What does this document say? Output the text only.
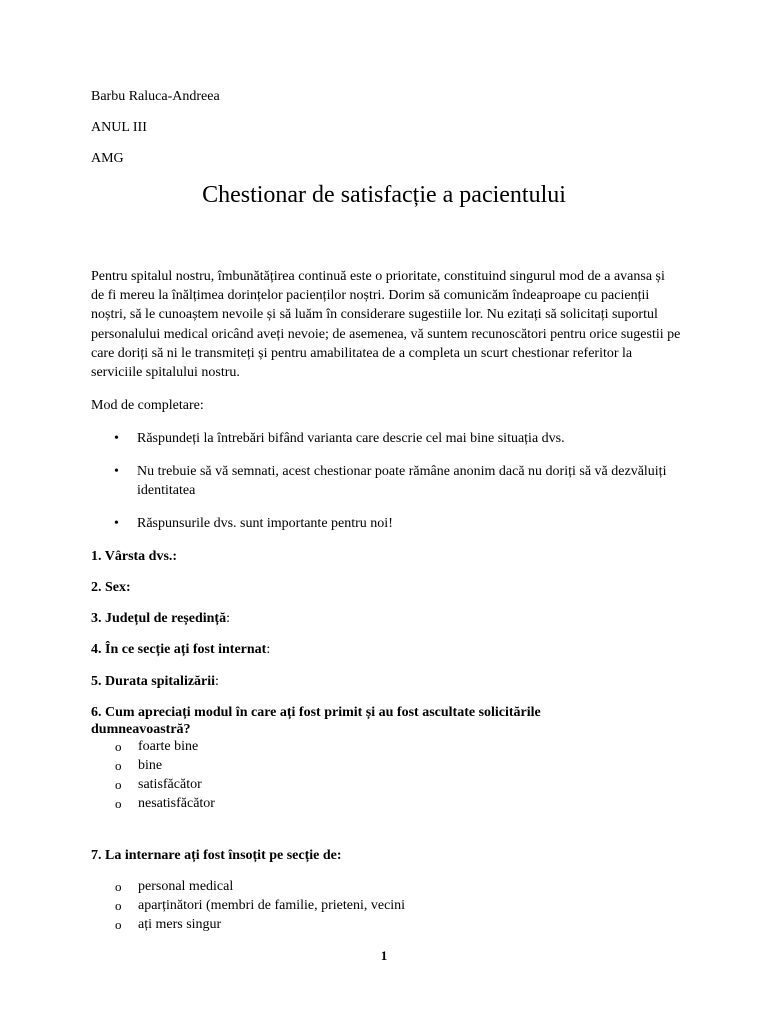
Barbu Raluca-Andreea

ANUL III

AMG

Chestionar de satisfacție a pacientului

Pentru spitalul nostru, îmbunătățirea continuă este o prioritate, constituind singurul mod de a avansa și de fi mereu la înălțimea dorințelor pacienților noștri. Dorim să comunicăm îndeaproape cu pacienții noștri, să le cunoaștem nevoile și să luăm în considerare sugestiile lor. Nu ezitați să solicitați suportul personalului medical oricând aveți nevoie; de asemenea, vă suntem recunoscători pentru orice sugestii pe care doriți să ni le transmiteți și pentru amabilitatea de a completa un scurt chestionar referitor la serviciile spitalului nostru.

Mod de completare:

• Răspundeți la întrebări bifând varianta care descrie cel mai bine situația dvs.
• Nu trebuie să vă semnati, acest chestionar poate rămâne anonim dacă nu doriți să vă dezvăluiți identitatea
• Răspunsurile dvs. sunt importante pentru noi!

1. Vârsta dvs.:

2. Sex:

3. Județul de reședință:

4. În ce secție ați fost internat:

5. Durata spitalizării:

6. Cum apreciați modul în care ați fost primit și au fost ascultate solicitările dumneavoastră?

o foarte bine
o bine
o satisfăcător
o nesatisfăcător

7. La internare ați fost însoțit pe secție de:

o personal medical
o aparținători (membri de familie, prieteni, vecini
o ați mers singur

1
